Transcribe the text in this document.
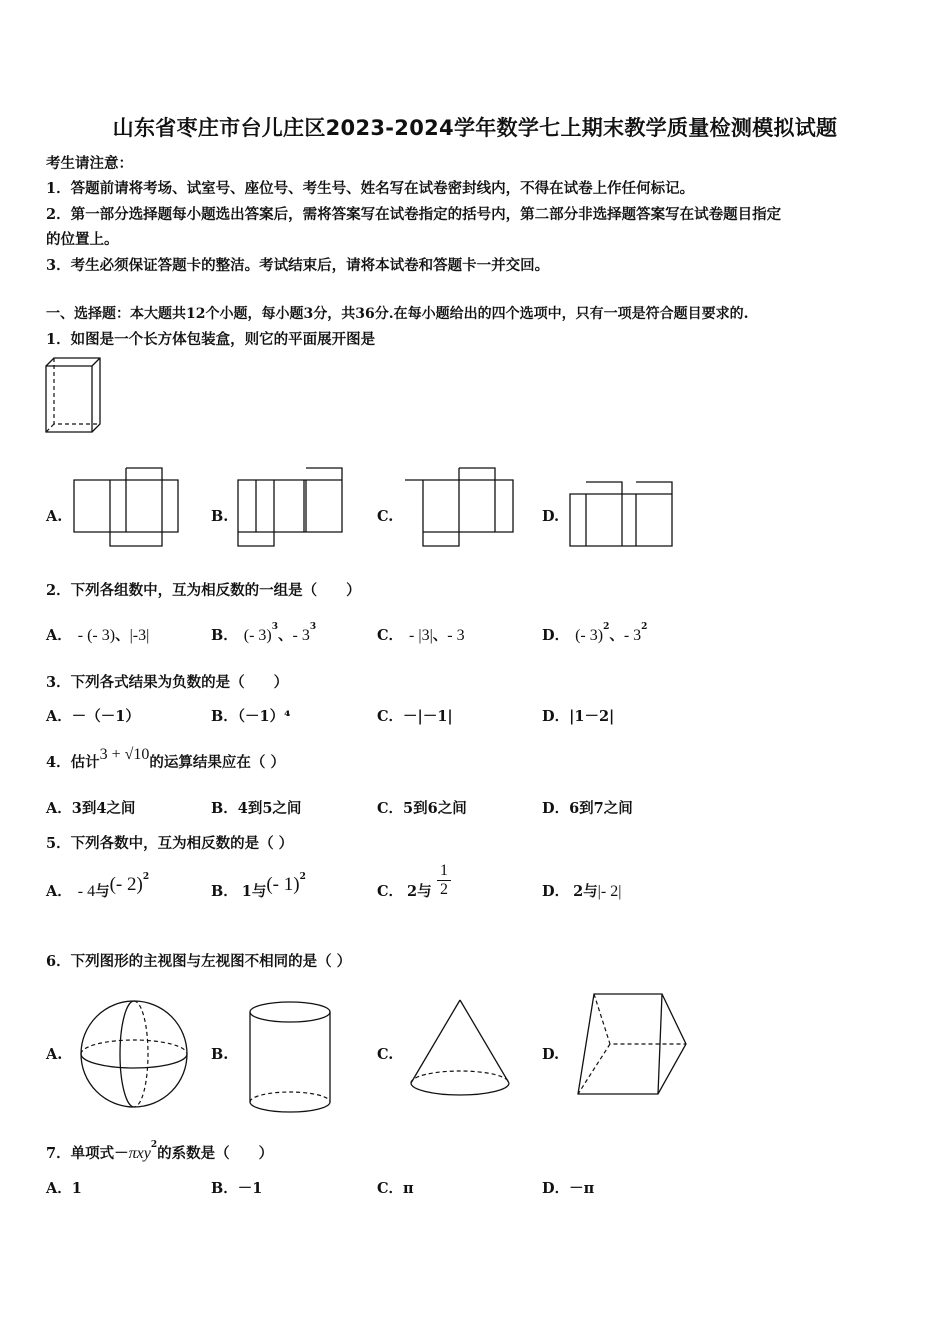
山东省枣庄市台儿庄区2023-2024学年数学七上期末教学质量检测模拟试题
考生请注意：
1．答题前请将考场、试室号、座位号、考生号、姓名写在试卷密封线内，不得在试卷上作任何标记。
2．第一部分选择题每小题选出答案后，需将答案写在试卷指定的括号内，第二部分非选择题答案写在试卷题目指定
的位置上。
3．考生必须保证答题卡的整洁。考试结束后，请将本试卷和答题卡一并交回。
一、选择题：本大题共12个小题，每小题3分，共36分.在每小题给出的四个选项中，只有一项是符合题目要求的.
1．如图是一个长方体包装盒，则它的平面展开图是
A.	B.	C.	D.
2．下列各组数中，互为相反数的一组是（　　）
A． - (- 3)、|-3|	B． (- 3)$^3$、- $3^3$	C． - |3|、- 3	D． (- 3)$^2$、- $3^2$
3．下列各式结果为负数的是（　　）
A．－（－1）	B．（－1）⁴	C．－|－1|	D．|1－2|
4．估计3 + √10的运算结果应在（ ）
A．3到4之间	B．4到5之间	C．5到6之间	D．6到7之间
5．下列各数中，互为相反数的是（ ）
A． - 4与(- 2)$^2$
B． 1与(- 1)$^2$
C． 2与
1
2	D． 2与|- 2|
6．下列图形的主视图与左视图不相同的是（ ）
A.	B.	C.	D.
7．单项式－πxy$^2$的系数是（　　）
A．1	B．－1	C．π	D．－π
